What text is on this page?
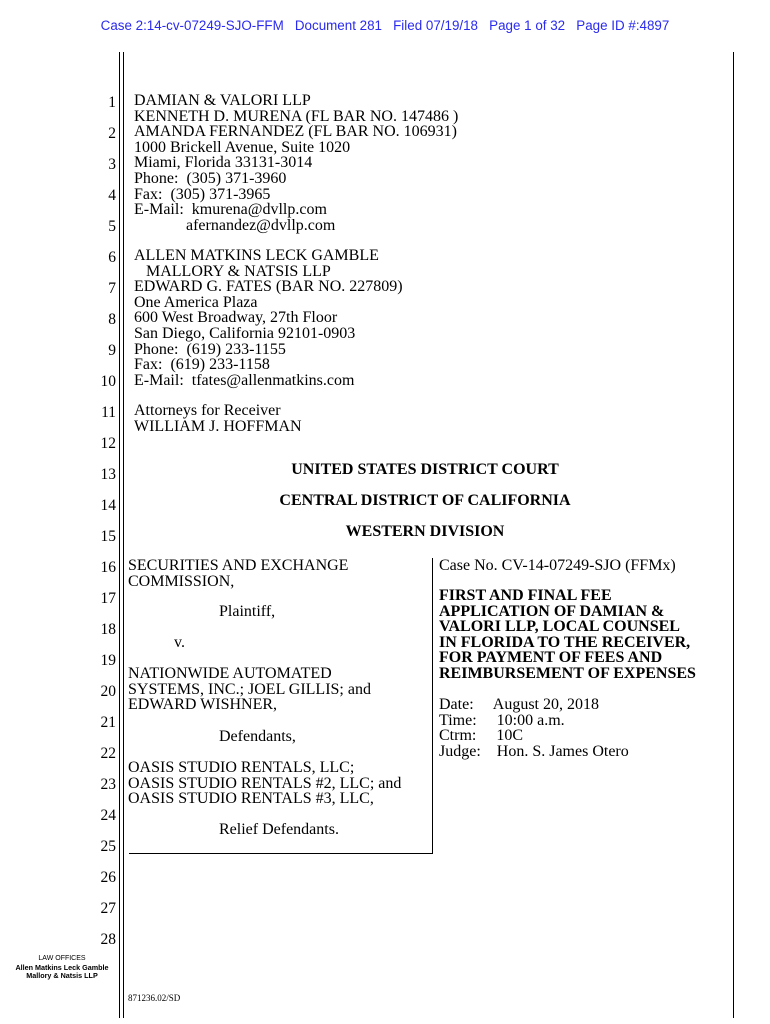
Case 2:14-cv-07249-SJO-FFM   Document 281   Filed 07/19/18   Page 1 of 32   Page ID #:4897
1
2
3
4
5
6
7
8
9
10
11
12
13
14
15
16
17
18
19
20
21
22
23
24
25
26
27
28
DAMIAN & VALORI LLP
KENNETH D. MURENA (FL BAR NO. 147486 )
AMANDA FERNANDEZ (FL BAR NO. 106931)
1000 Brickell Avenue, Suite 1020
Miami, Florida 33131-3014
Phone:  (305) 371-3960
Fax:  (305) 371-3965
E-Mail:  kmurena@dvllp.com
afernandez@dvllp.com
ALLEN MATKINS LECK GAMBLE
MALLORY & NATSIS LLP
EDWARD G. FATES (BAR NO. 227809)
One America Plaza
600 West Broadway, 27th Floor
San Diego, California 92101-0903
Phone:  (619) 233-1155
Fax:  (619) 233-1158
E-Mail:  tfates@allenmatkins.com
Attorneys for Receiver
WILLIAM J. HOFFMAN
UNITED STATES DISTRICT COURT
CENTRAL DISTRICT OF CALIFORNIA
WESTERN DIVISION
SECURITIES AND EXCHANGE
COMMISSION,
Plaintiff,
v.
NATIONWIDE AUTOMATED
SYSTEMS, INC.; JOEL GILLIS; and
EDWARD WISHNER,
Defendants,
OASIS STUDIO RENTALS, LLC;
OASIS STUDIO RENTALS #2, LLC; and
OASIS STUDIO RENTALS #3, LLC,
Relief Defendants.
Case No. CV-14-07249-SJO (FFMx)
FIRST AND FINAL FEE
APPLICATION OF DAMIAN &
VALORI LLP, LOCAL COUNSEL
IN FLORIDA TO THE RECEIVER,
FOR PAYMENT OF FEES AND
REIMBURSEMENT OF EXPENSES
Date:     August 20, 2018
Time:     10:00 a.m.
Ctrm:     10C
Judge:    Hon. S. James Otero
LAW OFFICES
Allen Matkins Leck Gamble
Mallory & Natsis LLP
871236.02/SD
